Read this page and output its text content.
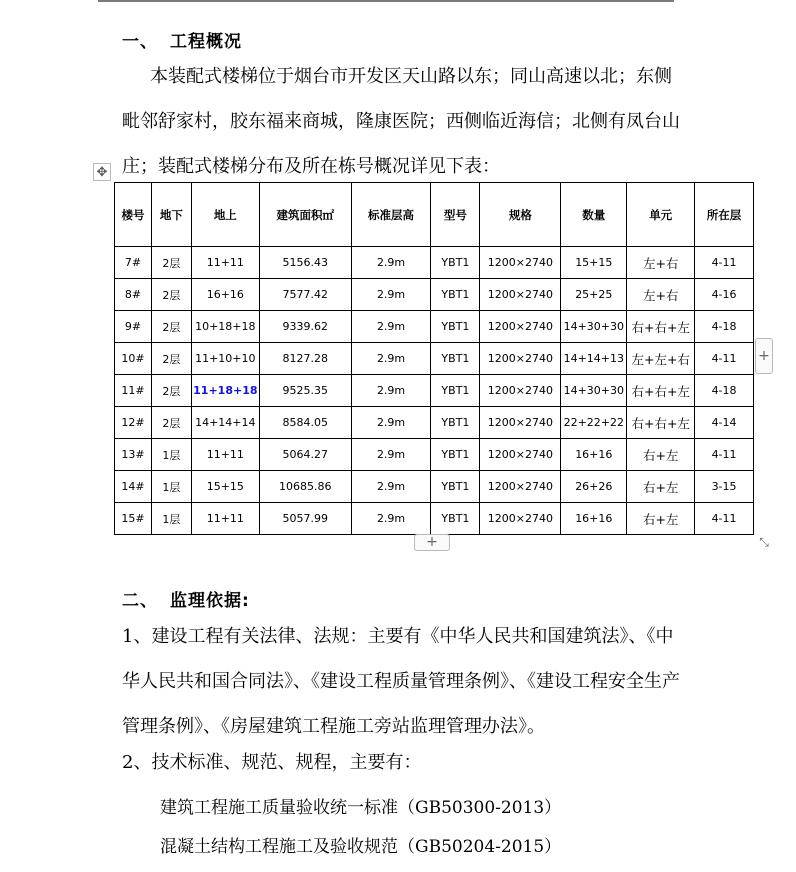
一、 工程概况
本装配式楼梯位于烟台市开发区天山路以东；同山高速以北；东侧毗邻舒家村，胶东福来商城，隆康医院；西侧临近海信；北侧有凤台山庄；装配式楼梯分布及所在栋号概况详见下表：
✥
楼号	地下	地上	建筑面积㎡	标准层高	型号	规格	数量	单元	所在层
7#	2层	11+11	5156.43	2.9m	YBT1	1200×2740	15+15	左+右	4-11
8#	2层	16+16	7577.42	2.9m	YBT1	1200×2740	25+25	左+右	4-16
9#	2层	10+18+18	9339.62	2.9m	YBT1	1200×2740	14+30+30	右+右+左	4-18
10#	2层	11+10+10	8127.28	2.9m	YBT1	1200×2740	14+14+13	左+左+右	4-11
11#	2层	11+18+18	9525.35	2.9m	YBT1	1200×2740	14+30+30	右+右+左	4-18
12#	2层	14+14+14	8584.05	2.9m	YBT1	1200×2740	22+22+22	右+右+左	4-14
13#	1层	11+11	5064.27	2.9m	YBT1	1200×2740	16+16	右+左	4-11
14#	1层	15+15	10685.86	2.9m	YBT1	1200×2740	26+26	右+左	3-15
15#	1层	11+11	5057.99	2.9m	YBT1	1200×2740	16+16	右+左	4-11
+
+	⤡
二、 监理依据:
1、建设工程有关法律、法规：主要有《中华人民共和国建筑法》、《中华人民共和国合同法》、《建设工程质量管理条例》、《建设工程安全生产管理条例》、《房屋建筑工程施工旁站监理管理办法》。
2、技术标准、规范、规程，主要有：
建筑工程施工质量验收统一标准（GB50300-2013）
混凝土结构工程施工及验收规范（GB50204-2015）
